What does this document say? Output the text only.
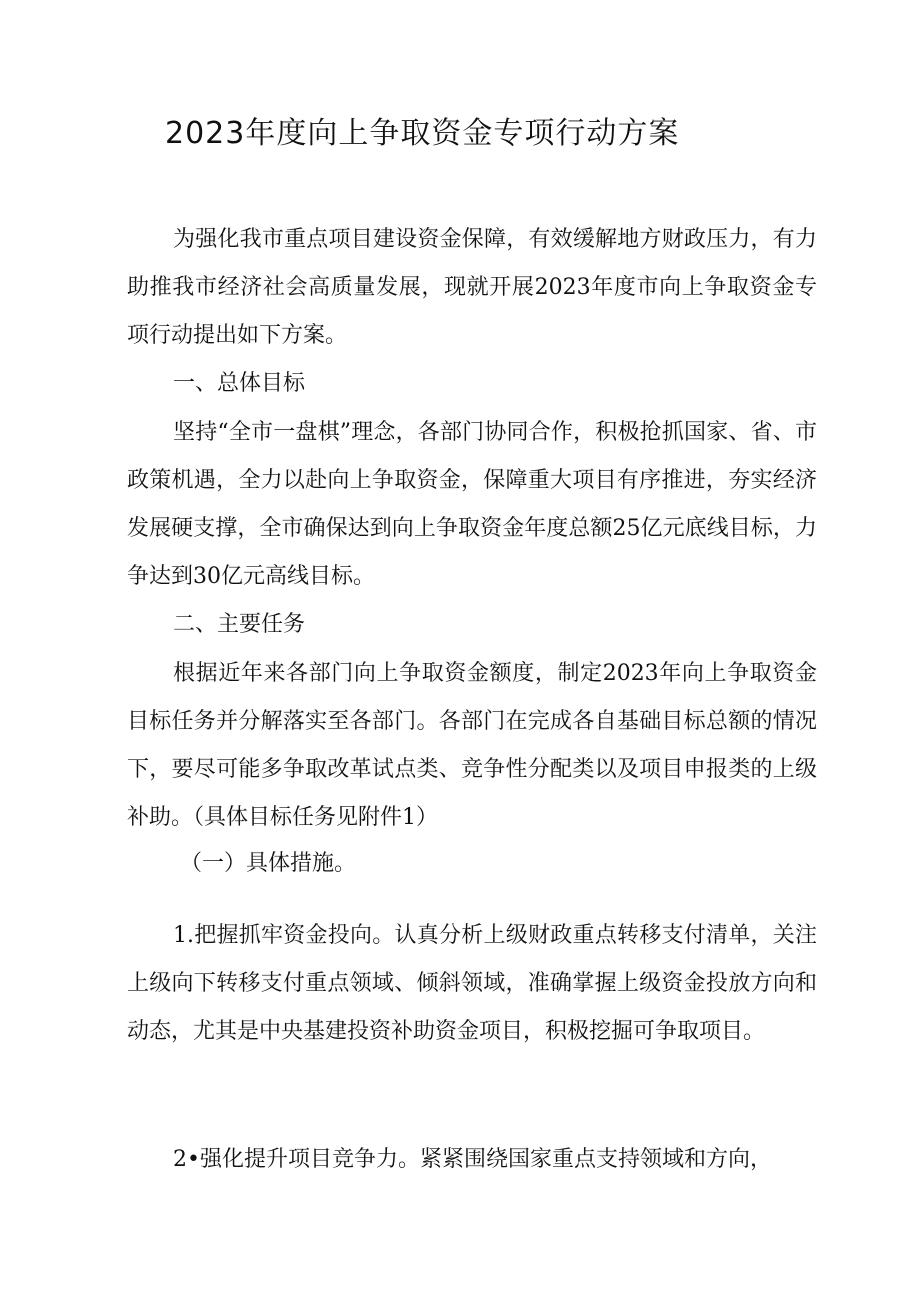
2023年度向上争取资金专项行动方案

为强化我市重点项目建设资金保障，有效缓解地方财政压力，有力助推我市经济社会高质量发展，现就开展2023年度市向上争取资金专项行动提出如下方案。

一、总体目标

坚持“全市一盘棋”理念，各部门协同合作，积极抢抓国家、省、市政策机遇，全力以赴向上争取资金，保障重大项目有序推进，夯实经济发展硬支撑，全市确保达到向上争取资金年度总额25亿元底线目标，力争达到30亿元高线目标。

二、主要任务

根据近年来各部门向上争取资金额度，制定2023年向上争取资金目标任务并分解落实至各部门。各部门在完成各自基础目标总额的情况下，要尽可能多争取改革试点类、竞争性分配类以及项目申报类的上级补助。（具体目标任务见附件1）

（一）具体措施。

1.把握抓牢资金投向。认真分析上级财政重点转移支付清单，关注上级向下转移支付重点领域、倾斜领域，准确掌握上级资金投放方向和动态，尤其是中央基建投资补助资金项目，积极挖掘可争取项目。

2•强化提升项目竞争力。紧紧围绕国家重点支持领域和方向，
